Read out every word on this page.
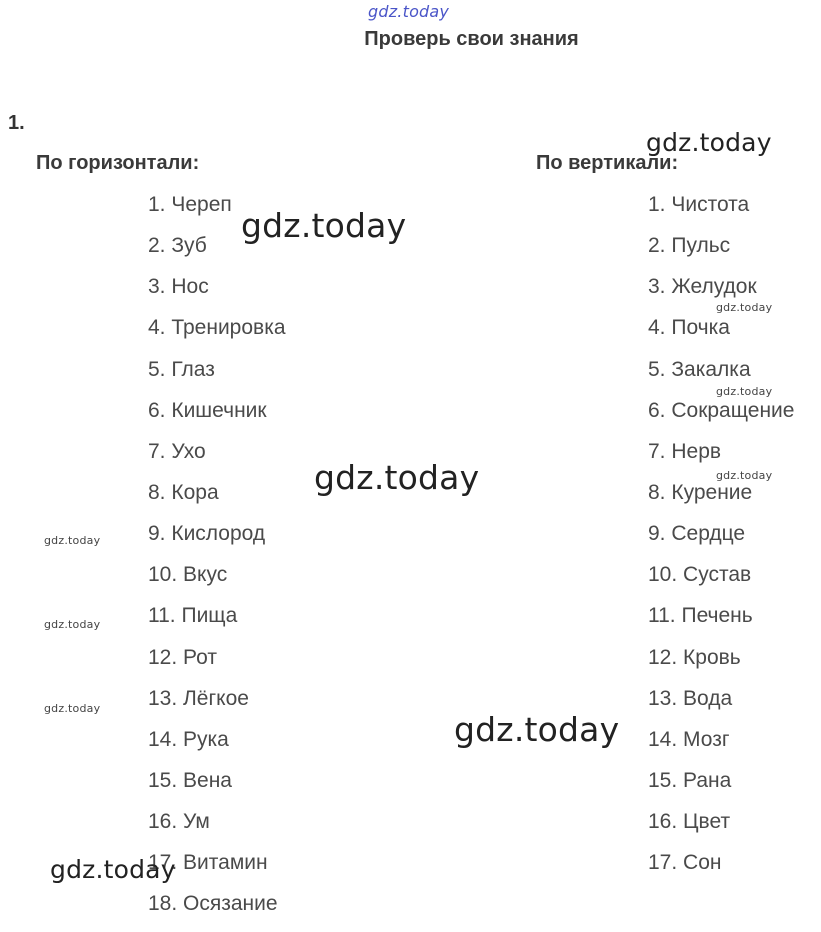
gdz.today
Проверь свои знания
1.
По горизонтали:	По вертикали:
1. Череп
2. Зуб
3. Нос
4. Тренировка
5. Глаз
6. Кишечник
7. Ухо
8. Кора
9. Кислород
10. Вкус
11. Пища
12. Рот
13. Лёгкое
14. Рука
15. Вена
16. Ум
17. Витамин
18. Осязание
1. Чистота
2. Пульс
3. Желудок
4. Почка
5. Закалка
6. Сокращение
7. Нерв
8. Курение
9. Сердце
10. Сустав
11. Печень
12. Кровь
13. Вода
14. Мозг
15. Рана
16. Цвет
17. Сон
gdz.today
gdz.today
gdz.today
gdz.today
gdz.today	gdz.today
gdz.today
gdz.today
gdz.today
gdz.today
gdz.today
